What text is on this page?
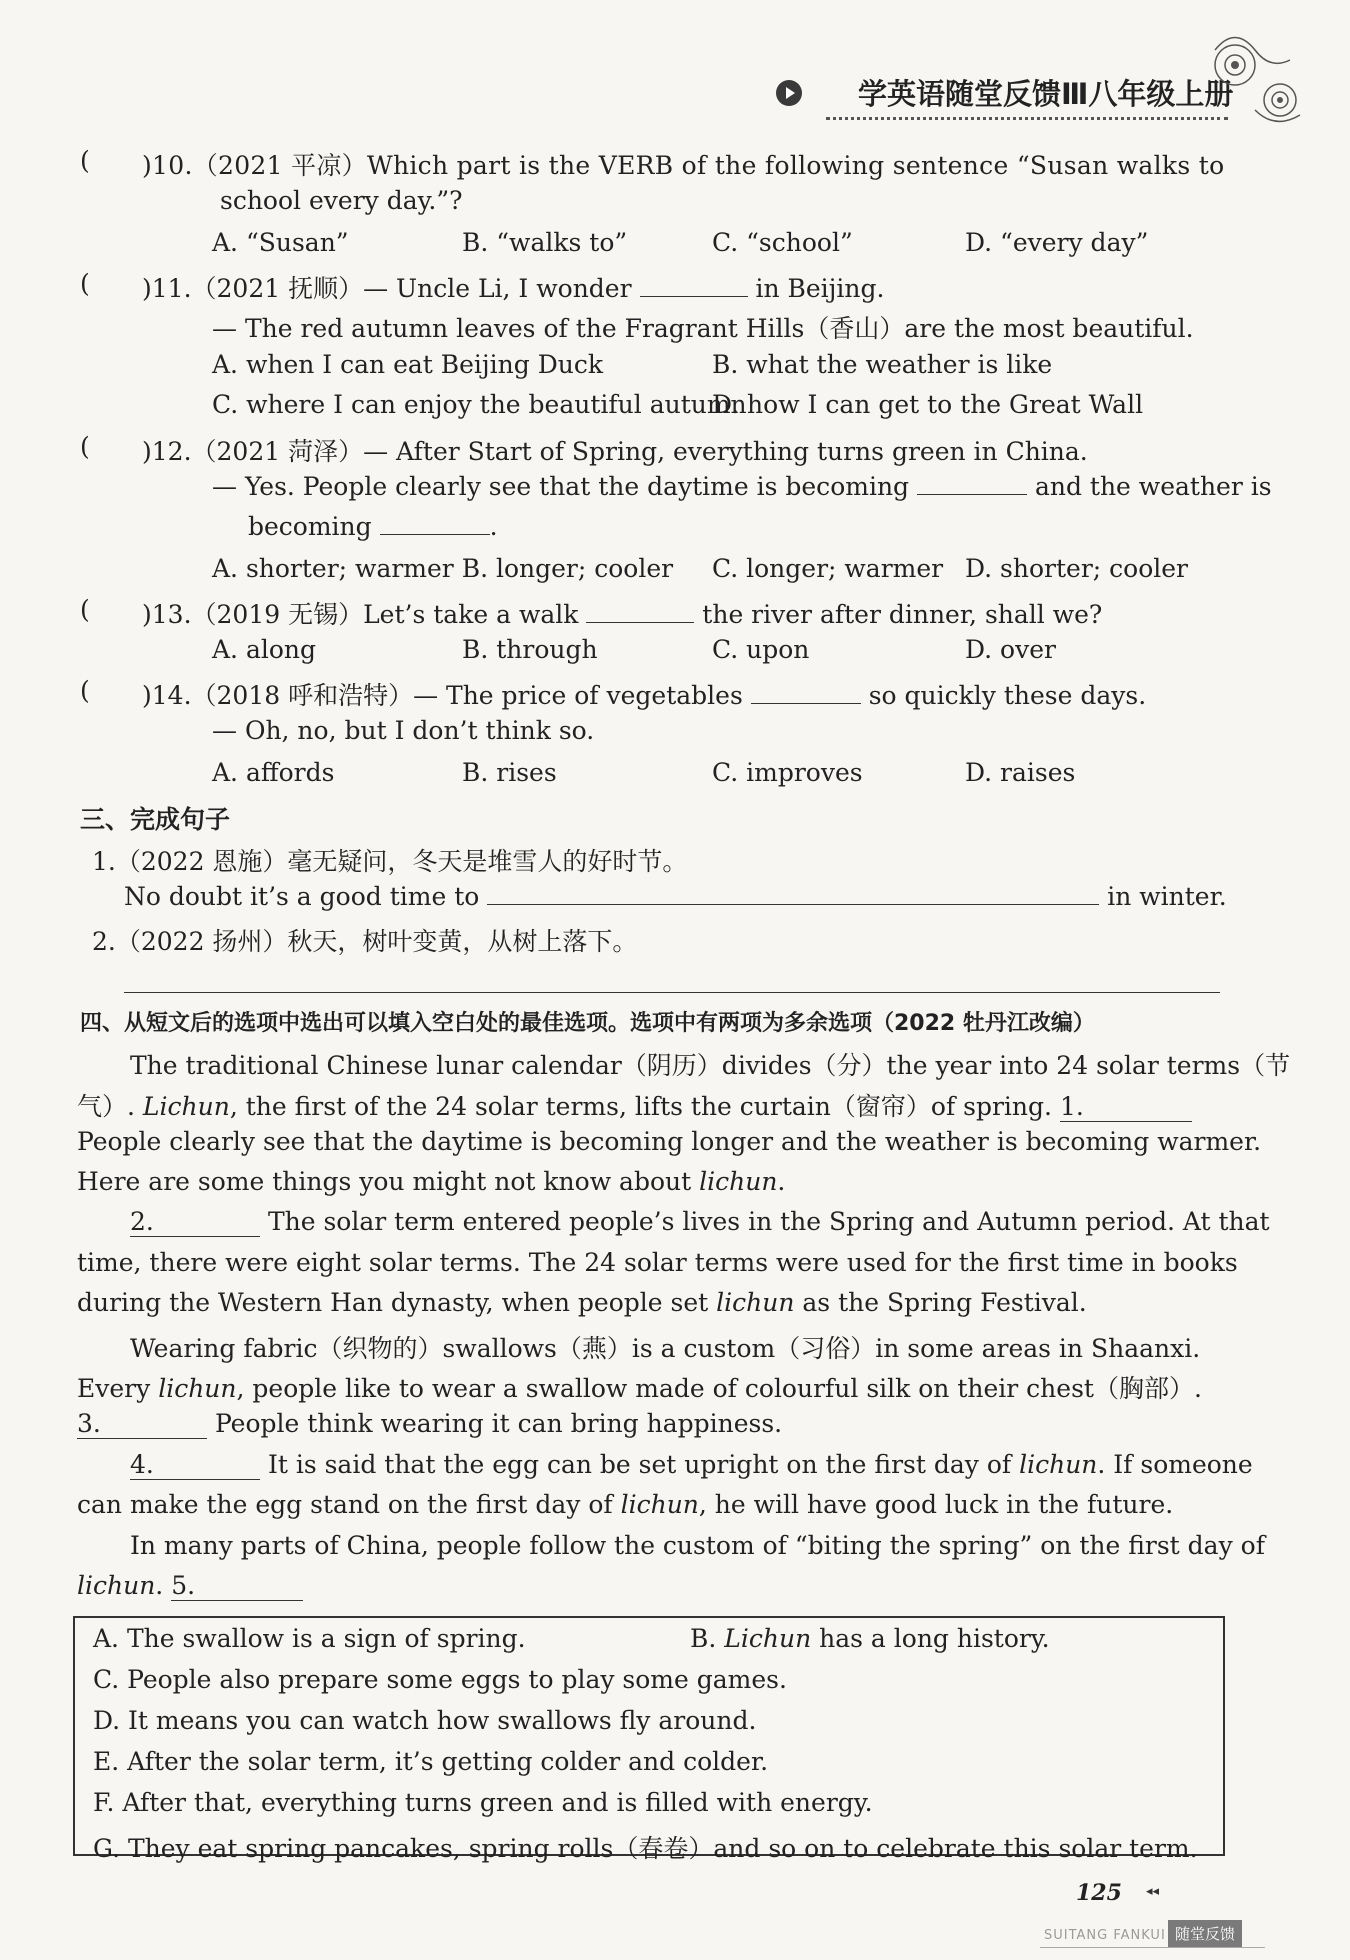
学英语随堂反馈Ⅲ八年级上册
( )10.（2021 平凉）Which part is the VERB of the following sentence “Susan walks to
school every day.”?
A. “Susan”	B. “walks to”	C. “school”	D. “every day”
( )11.（2021 抚顺）— Uncle Li, I wonder	in Beijing.
— The red autumn leaves of the Fragrant Hills（香山）are the most beautiful.
A. when I can eat Beijing Duck	B. what the weather is like
C. where I can enjoy the beautiful autumn
D. how I can get to the Great Wall
( )12.（2021 菏泽）— After Start of Spring, everything turns green in China.
— Yes. People clearly see that the daytime is becoming	and the weather is
becoming	.
A. shorter; warmer B. longer; cooler C. longer; warmer D. shorter; cooler
( )13.（2019 无锡）Let’s take a walk	the river after dinner, shall we?
A. along	B. through	C. upon	D. over
( )14.（2018 呼和浩特）— The price of vegetables	so quickly these days.
— Oh, no, but I don’t think so.
A. affords	B. rises	C. improves	D. raises
三、完成句子
1.（2022 恩施）毫无疑问，冬天是堆雪人的好时节。
No doubt it’s a good time to	in winter.
2.（2022 扬州）秋天，树叶变黄，从树上落下。
四、从短文后的选项中选出可以填入空白处的最佳选项。选项中有两项为多余选项（2022 牡丹江改编）
The traditional Chinese lunar calendar（阴历）divides（分）the year into 24 solar terms（节
气）. Lichun, the first of the 24 solar terms, lifts the curtain（窗帘）of spring. 1.
People clearly see that the daytime is becoming longer and the weather is becoming warmer.
Here are some things you might not know about lichun.
2.	The solar term entered people’s lives in the Spring and Autumn period. At that
time, there were eight solar terms. The 24 solar terms were used for the first time in books
during the Western Han dynasty, when people set lichun as the Spring Festival.
Wearing fabric（织物的）swallows（燕）is a custom（习俗）in some areas in Shaanxi.
Every lichun, people like to wear a swallow made of colourful silk on their chest（胸部）.
3.	People think wearing it can bring happiness.
4.	It is said that the egg can be set upright on the first day of lichun. If someone
can make the egg stand on the first day of lichun, he will have good luck in the future.
In many parts of China, people follow the custom of “biting the spring” on the first day of
lichun. 5.
A. The swallow is a sign of spring.	B. Lichun has a long history.
C. People also prepare some eggs to play some games.
D. It means you can watch how swallows fly around.
E. After the solar term, it’s getting colder and colder.
F. After that, everything turns green and is filled with energy.
G. They eat spring pancakes, spring rolls（春卷）and so on to celebrate this solar term.
125 ◂◂
SUITANG FANKUI 随堂反馈
